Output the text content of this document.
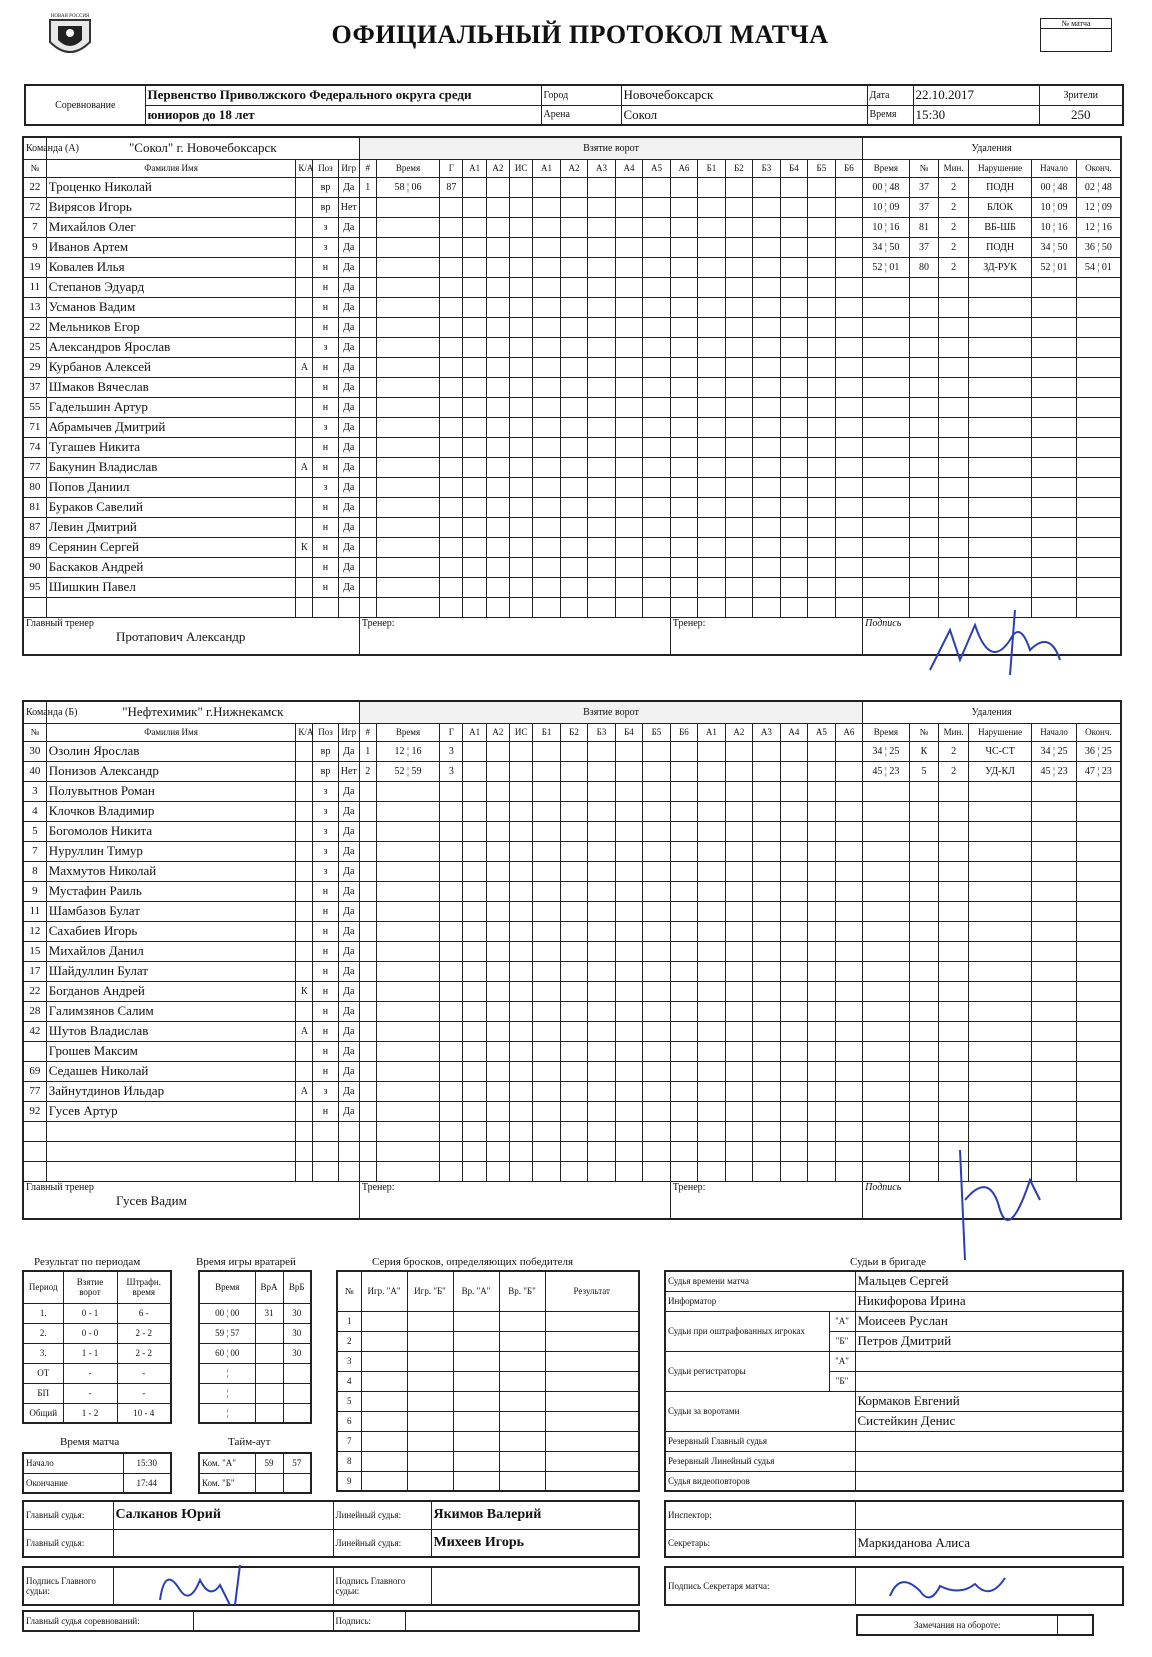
НОВАЯ РОССИЯ
ОФИЦИАЛЬНЫЙ ПРОТОКОЛ МАТЧА	№ матча
Соревнование	Первенство Приволжского Федерального округа среди	Город	Новочебоксарск	Дата	22.10.2017	Зрители
	юниоров до 18 лет	Арена	Сокол	Время	15:30	250
Команда (А)	"Сокол" г. Новочебоксарск				Взятие ворот																		Удаления					
№	Фамилия Имя	К/А	Поз	Игр	#	Время	Г	А1	А2	ИС	А1	А2	А3	А4	А5	А6	Б1	Б2	Б3	Б4	Б5	Б6	Время	№	Мин.	Нарушение	Начало	Оконч.
22	Троценко Николай		вр	Да	1	58 ¦ 06	87																00 ¦ 48	37	2	ПОДН	00 ¦ 48	02 ¦ 48
72	Вирясов Игорь		вр	Нет																			10 ¦ 09	37	2	БЛОК	10 ¦ 09	12 ¦ 09
7	Михайлов Олег		з	Да																			10 ¦ 16	81	2	ВБ-ШБ	10 ¦ 16	12 ¦ 16
9	Иванов Артем		з	Да																			34 ¦ 50	37	2	ПОДН	34 ¦ 50	36 ¦ 50
19	Ковалев Илья		н	Да																			52 ¦ 01	80	2	ЗД-РУК	52 ¦ 01	54 ¦ 01
11	Степанов Эдуард		н	Да																								
13	Усманов Вадим		н	Да																								
22	Мельников Егор		н	Да																								
25	Александров Ярослав		з	Да																								
29	Курбанов Алексей	А	н	Да																								
37	Шмаков Вячеслав		н	Да																								
55	Гадельшин Артур		н	Да																								
71	Абрамычев Дмитрий		з	Да																								
74	Тугашев Никита		н	Да																								
77	Бакунин Владислав	А	н	Да																								
80	Попов Даниил		з	Да																								
81	Бураков Савелий		н	Да																								
87	Левин Дмитрий		н	Да																								
89	Серянин Сергей	К	н	Да																								
90	Баскаков Андрей		н	Да																								
95	Шишкин Павел		н	Да																								

Главный тренер
Протапович Александр					Тренер:											Тренер:							Подпись					
Команда (Б)	"Нефтехимик" г.Нижнекамск				Взятие ворот																		Удаления					
№	Фамилия Имя	К/А	Поз	Игр	#	Время	Г	А1	А2	ИС	Б1	Б2	Б3	Б4	Б5	Б6	А1	А2	А3	А4	А5	А6	Время	№	Мин.	Нарушение	Начало	Оконч.
30	Озолин Ярослав		вр	Да	1	12 ¦ 16	3																34 ¦ 25	К	2	ЧС-СТ	34 ¦ 25	36 ¦ 25
40	Понизов Александр		вр	Нет	2	52 ¦ 59	3																45 ¦ 23	5	2	УД-КЛ	45 ¦ 23	47 ¦ 23
3	Полувытнов Роман		з	Да																								
4	Клочков Владимир		з	Да																								
5	Богомолов Никита		з	Да																								
7	Нуруллин Тимур		з	Да																								
8	Махмутов Николай		з	Да																								
9	Мустафин Раиль		н	Да																								
11	Шамбазов Булат		н	Да																								
12	Сахабиев Игорь		н	Да																								
15	Михайлов Данил		н	Да																								
17	Шайдуллин Булат		н	Да																								
22	Богданов Андрей	К	н	Да																								
28	Галимзянов Салим		н	Да																								
42	Шутов Владислав	А	н	Да																								
	Грошев Максим		н	Да																								
69	Седашев Николай		н	Да																								
77	Зайнутдинов Ильдар	А	з	Да																								
92	Гусев Артур		н	Да																								

Главный тренер
Гусев Вадим					Тренер:											Тренер:							Подпись					
Результат по периодам
Период	Взятие ворот	Штрафн. время
1.	0 - 1	6 -
2.	0 - 0	2 - 2
3.	1 - 1	2 - 2
ОТ	-	-
БП	-	-
Общий	1 - 2	10 - 4
Время игры вратарей
Время	ВрА	ВрБ
00 ¦ 00	31	30
59 ¦ 57		30
60 ¦ 00		30
¦		
¦		
¦		
Время матча
Начало	15:30
Окончание	17:44
Тайм-аут
Ком. "А"	59	57
Ком. "Б"		
Серия бросков, определяющих победителя
№	Игр. "А"	Игр. "Б"	Вр. "А"	Вр. "Б"	Результат
1					
2					
3					
4					
5					
6					
7					
8					
9					
Судьи в бригаде
Судья времени матча		Мальцев Сергей
Информатор		Никифорова Ирина
Судьи при оштрафованных игроках	"А"	Моисеев Руслан
	"Б"	Петров Дмитрий
Судьи регистраторы	"А"	
	"Б"	
Судьи за воротами		Кормаков Евгений
		Систейкин Денис
Резервный Главный судья		
Резервный Линейный судья		
Судья видеоповторов		
Главный судья:	Салканов Юрий	Линейный судья:	Якимов Валерий
Главный судья:		Линейный судья:	Михеев Игорь
Подпись Главного судьи:		Подпись Главного судьи:	
Главный судья соревнований:		Подпись:	
Инспектор:	
Секретарь:	Маркиданова Алиса
Подпись Секретаря матча:	
Замечания на обороте:	
